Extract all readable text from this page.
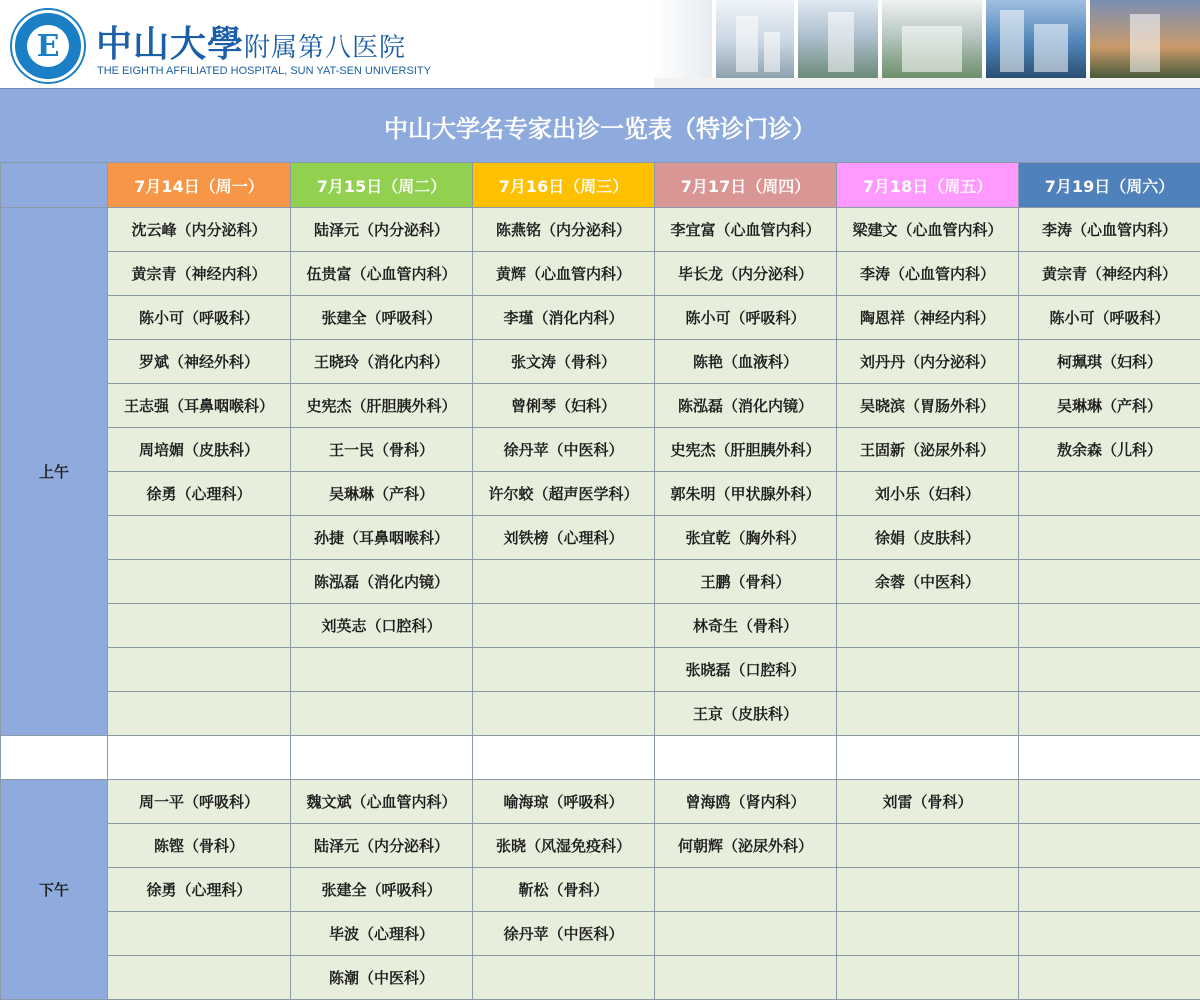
E 中山大學附属第八医院
THE EIGHTH AFFILIATED HOSPITAL, SUN YAT-SEN UNIVERSITY
中山大学名专家出诊一览表（特诊门诊）
	7月14日（周一）	7月15日（周二）	7月16日（周三）	7月17日（周四）	7月18日（周五）	7月19日（周六）
上午	沈云峰（内分泌科）	陆泽元（内分泌科）	陈燕铭（内分泌科）	李宜富（心血管内科）	梁建文（心血管内科）	李涛（心血管内科）
	黄宗青（神经内科）	伍贵富（心血管内科）	黄辉（心血管内科）	毕长龙（内分泌科）	李涛（心血管内科）	黄宗青（神经内科）
	陈小可（呼吸科）	张建全（呼吸科）	李瑾（消化内科）	陈小可（呼吸科）	陶恩祥（神经内科）	陈小可（呼吸科）
	罗斌（神经外科）	王晓玲（消化内科）	张文涛（骨科）	陈艳（血液科）	刘丹丹（内分泌科）	柯珮琪（妇科）
	王志强（耳鼻咽喉科）	史宪杰（肝胆胰外科）	曾俐琴（妇科）	陈泓磊（消化内镜）	吴晓滨（胃肠外科）	吴琳琳（产科）
	周培媚（皮肤科）	王一民（骨科）	徐丹苹（中医科）	史宪杰（肝胆胰外科）	王固新（泌尿外科）	敖余森（儿科）
	徐勇（心理科）	吴琳琳（产科）	许尔蛟（超声医学科）	郭朱明（甲状腺外科）	刘小乐（妇科）	
		孙捷（耳鼻咽喉科）	刘铁榜（心理科）	张宜乾（胸外科）	徐娟（皮肤科）	
		陈泓磊（消化内镜）		王鹏（骨科）	余蓉（中医科）	
		刘英志（口腔科）		林奇生（骨科）		
				张晓磊（口腔科）		
				王京（皮肤科）		

下午	周一平（呼吸科）	魏文斌（心血管内科）	喻海琼（呼吸科）	曾海鸥（肾内科）	刘雷（骨科）	
	陈铿（骨科）	陆泽元（内分泌科）	张晓（风湿免疫科）	何朝辉（泌尿外科）		
	徐勇（心理科）	张建全（呼吸科）	靳松（骨科）			
		毕波（心理科）	徐丹苹（中医科）			
		陈潮（中医科）				
